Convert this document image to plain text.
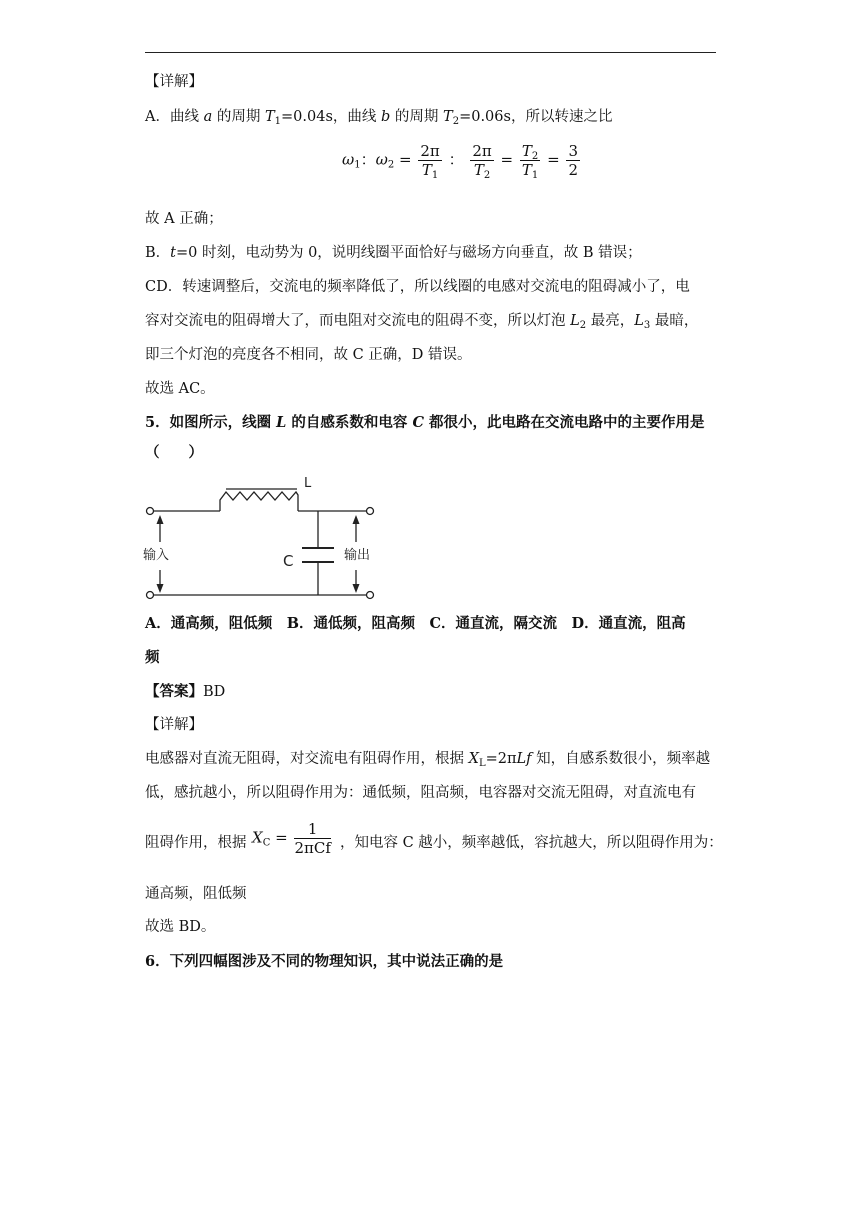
【详解】
A．曲线 a 的周期 $T_1=0.04s$，曲线 b 的周期 $T_2=0.06s$，所以转速之比
$\omega_1$：$\omega_2 = \frac{2\pi}{T_1}$ ： $\frac{2\pi}{T_2} = \frac{T_2}{T_1} = \frac{3}{2}$
故 A 正确；
B．t=0 时刻，电动势为 0，说明线圈平面恰好与磁场方向垂直，故 B 错误；
CD．转速调整后，交流电的频率降低了，所以线圈的电感对交流电的阻碍减小了，电
容对交流电的阻碍增大了，而电阻对交流电的阻碍不变，所以灯泡 $L_2$ 最亮，$L_3$ 最暗，
即三个灯泡的亮度各不相同，故 C 正确，D 错误。
故选 AC。
5．如图所示，线圈 L 的自感系数和电容 C 都很小，此电路在交流电路中的主要作用是
（　　）
L
C
输入	输出
A．通高频，阻低频　B．通低频，阻高频　C．通直流，隔交流　D．通直流，阻高
频
【答案】BD
【详解】
电感器对直流无阻碍，对交流电有阻碍作用，根据 $X_L=2\pi Lf$ 知，自感系数很小，频率越
低，感抗越小，所以阻碍作用为：通低频，阻高频，电容器对交流无阻碍，对直流电有
阻碍作用，根据 $X_C = \frac{1}{\text{2πCf}}$ ，知电容 C 越小，频率越低，容抗越大，所以阻碍作用为：
通高频，阻低频
故选 BD。
6．下列四幅图涉及不同的物理知识，其中说法正确的是
